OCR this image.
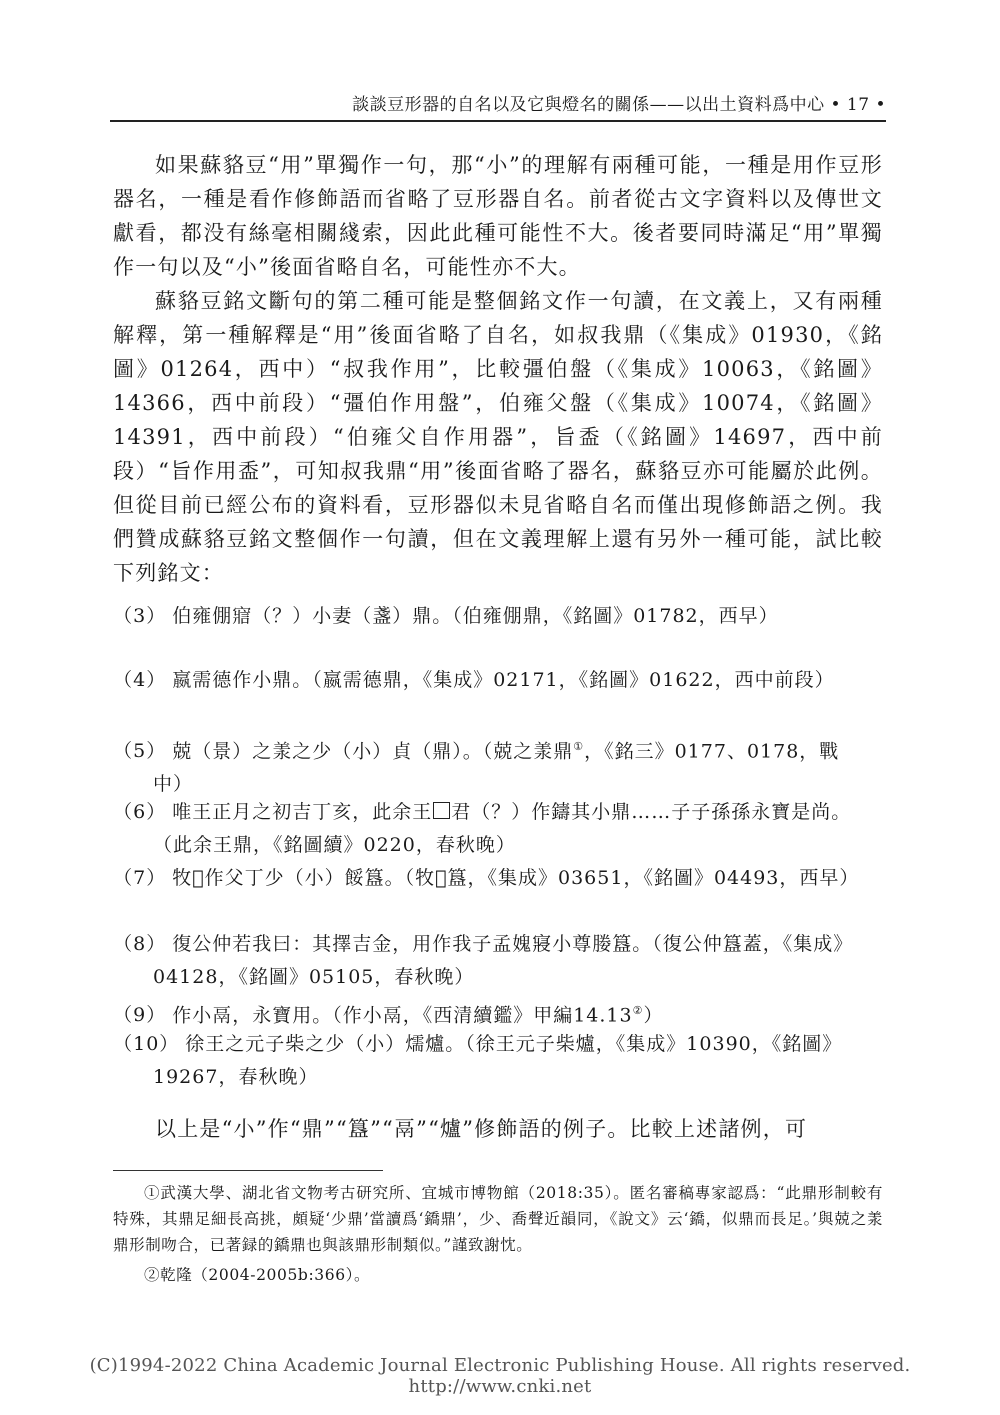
談談豆形器的自名以及它與燈名的關係——以出土資料爲中心 • 17 •

如果蘇貉豆“用”單獨作一句，那“小”的理解有兩種可能，一種是用作豆形器名，一種是看作修飾語而省略了豆形器自名。前者從古文字資料以及傳世文獻看，都没有絲毫相關綫索，因此此種可能性不大。後者要同時滿足“用”單獨作一句以及“小”後面省略自名，可能性亦不大。

蘇貉豆銘文斷句的第二種可能是整個銘文作一句讀，在文義上，又有兩種解釋，第一種解釋是“用”後面省略了自名，如叔我鼎（《集成》01930，《銘圖》01264，西中）“叔我作用”，比較彊伯盤（《集成》10063，《銘圖》14366，西中前段）“彊伯作用盤”，伯雍父盤（《集成》10074，《銘圖》14391，西中前段）“伯雍父自作用器”，旨盉（《銘圖》14697，西中前段）“旨作用盉”，可知叔我鼎“用”後面省略了器名，蘇貉豆亦可能屬於此例。但從目前已經公布的資料看，豆形器似未見省略自名而僅出現修飾語之例。我們贊成蘇貉豆銘文整個作一句讀，但在文義理解上還有另外一種可能，試比較下列銘文：

（3） 伯雍倗寣（？）小妻（盞）鼎。（伯雍倗鼎，《銘圖》01782，西早）

（4） 嬴需德作小鼎。（嬴需德鼎，《集成》02171，《銘圖》01622，西中前段）

（5） 兢（景）之羕之少（小）貞（鼎）。（兢之羕鼎①，《銘三》0177、0178，戰中）

（6） 唯王正月之初吉丁亥，此余王 君（？）作鑄其小鼎……子子孫孫永寶是尚。（此余王鼎，《銘圖續》0220，春秋晚）

（7） 牧𰯌作父丁少（小）餒簋。（牧𰯌簋，《集成》03651，《銘圖》04493，西早）

（8） 復公仲若我曰：其擇吉金，用作我子孟媿寢小尊媵簋。（復公仲簋蓋，《集成》04128，《銘圖》05105，春秋晚）

（9） 作小鬲，永寶用。（作小鬲，《西清續鑑》甲編14.13②）

（10） 徐王之元子柴之少（小）燸爐。（徐王元子柴爐，《集成》10390，《銘圖》19267，春秋晚）

以上是“小”作“鼎”“簋”“鬲”“爐”修飾語的例子。比較上述諸例，可

①武漢大學、湖北省文物考古研究所、宜城市博物館（2018:35）。匿名審稿專家認爲：“此鼎形制較有特殊，其鼎足細長高挑，頗疑‘少鼎’當讀爲‘鐈鼎’，少、喬聲近韻同，《說文》云‘鐈，似鼎而長足。’與兢之羕鼎形制吻合，已著録的鐈鼎也與該鼎形制類似。”謹致謝忱。

②乾隆（2004-2005b:366）。

(C)1994-2022 China Academic Journal Electronic Publishing House. All rights reserved. http://www.cnki.net
